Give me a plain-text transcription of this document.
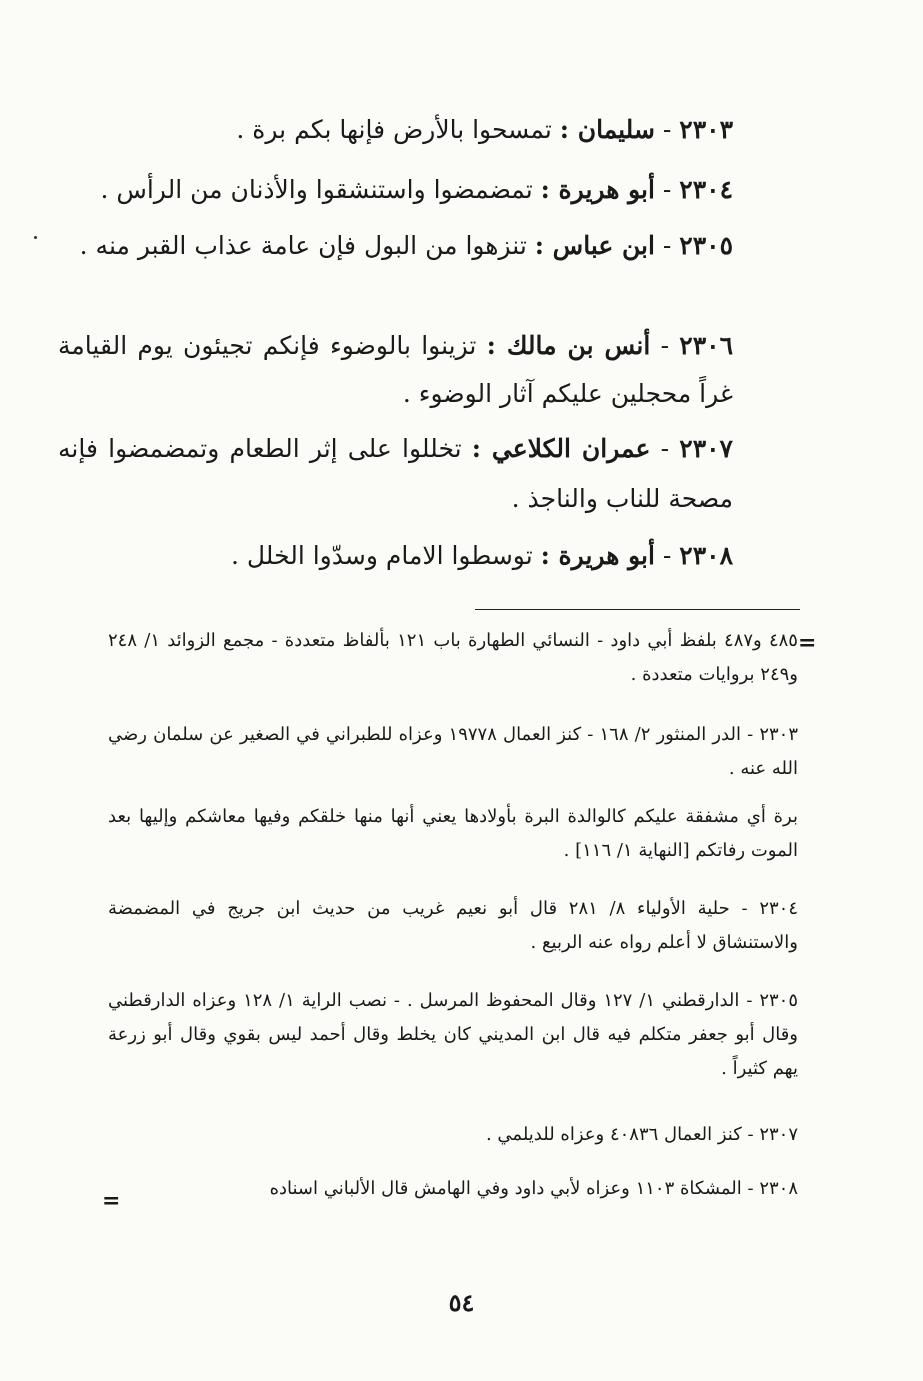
٢٣٠٣ - سليمان : تمسحوا بالأرض فإنها بكم برة .
٢٣٠٤ - أبو هريرة : تمضمضوا واستنشقوا والأذنان من الرأس .
٢٣٠٥ - ابن عباس : تنزهوا من البول فإن عامة عذاب القبر منه .
٢٣٠٦ - أنس بن مالك : تزينوا بالوضوء فإنكم تجيئون يوم القيامة غراً محجلين عليكم آثار الوضوء .
٢٣٠٧ - عمران الكلاعي : تخللوا على إثر الطعام وتمضمضوا فإنه مصحة للناب والناجذ .
٢٣٠٨ - أبو هريرة : توسطوا الامام وسدّوا الخلل .
=
٤٨٥ و٤٨٧ بلفظ أبي داود - النسائي الطهارة باب ١٢١ بألفاظ متعددة - مجمع الزوائد ١/ ٢٤٨ و٢٤٩ بروايات متعددة .
٢٣٠٣ - الدر المنثور ٢/ ١٦٨ - كنز العمال ١٩٧٧٨ وعزاه للطبراني في الصغير عن سلمان رضي الله عنه .
برة أي مشفقة عليكم كالوالدة البرة بأولادها يعني أنها منها خلقكم وفيها معاشكم وإليها بعد الموت رفاتكم [النهاية ١/ ١١٦] .
٢٣٠٤ - حلية الأولياء ٨/ ٢٨١ قال أبو نعيم غريب من حديث ابن جريج في المضمضة والاستنشاق لا أعلم رواه عنه الربيع .
٢٣٠٥ - الدارقطني ١/ ١٢٧ وقال المحفوظ المرسل . - نصب الراية ١/ ١٢٨ وعزاه الدارقطني وقال أبو جعفر متكلم فيه قال ابن المديني كان يخلط وقال أحمد ليس بقوي وقال أبو زرعة يهم كثيراً .
٢٣٠٧ - كنز العمال ٤٠٨٣٦ وعزاه للديلمي .
٢٣٠٨ - المشكاة ١١٠٣ وعزاه لأبي داود وفي الهامش قال الألباني اسناده
=
٥٤
